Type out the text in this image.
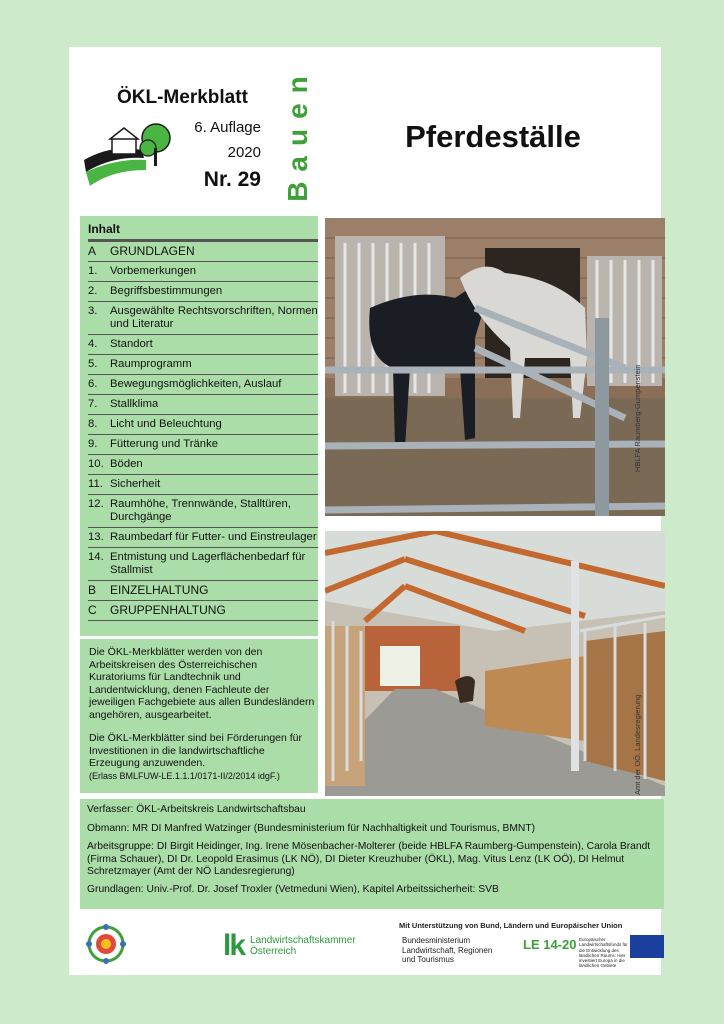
ÖKL-Merkblatt
6. Auflage
2020
Nr. 29 Bauen	Pferdeställe
Inhalt
A	GRUNDLAGEN
1.	Vorbemerkungen
2.	Begriffsbestimmungen
3.	Ausgewählte Rechtsvorschriften, Normen und Literatur
4.	Standort
5.	Raumprogramm
6.	Bewegungsmöglichkeiten, Auslauf
7.	Stallklima
8.	Licht und Beleuchtung
9.	Fütterung und Tränke
10. Böden
11. Sicherheit
12. Raumhöhe, Trennwände, Stalltüren, Durchgänge
13. Raumbedarf für Futter- und Einstreulager
14. Entmistung und Lagerflächenbedarf für Stallmist
B	EINZELHALTUNG
C	GRUPPENHALTUNG

Die ÖKL-Merkblätter werden von den Arbeitskreisen des Österreichischen Kuratoriums für Landtechnik und Landentwicklung, denen Fachleute der jeweiligen Fachgebiete aus allen Bundesländern angehören, ausgearbeitet.

Die ÖKL-Merkblätter sind bei Förderungen für Investitionen in die landwirtschaftliche Erzeugung anzuwenden.

(Erlass BMLFUW-LE.1.1.1/0171-II/2/2014 idgF.)

HBLFA Raumberg-Gumpenstein
Amt der OÖ. Landesregierung
Verfasser: ÖKL-Arbeitskreis Landwirtschaftsbau
Obmann: MR DI Manfred Watzinger (Bundesministerium für Nachhaltigkeit und Tourismus, BMNT)
Arbeitsgruppe: DI Birgit Heidinger, Ing. Irene Mösenbacher-Molterer (beide HBLFA Raumberg-Gumpenstein), Carola Brandt (Firma Schauer), DI Dr. Leopold Erasimus (LK NÖ), DI Dieter Kreuzhuber (ÖKL), Mag. Vitus Lenz (LK OÖ), DI Helmut Schretzmayer (Amt der NÖ Landesregierung)
Grundlagen: Univ.-Prof. Dr. Josef Troxler (Vetmeduni Wien), Kapitel Arbeitssicherheit: SVB
lk Landwirtschaftskammer
Österreich
Mit Unterstützung von Bund, Ländern und Europäischer Union
Bundesministerium Landwirtschaft, Regionen und Tourismus
LE 14-20 Europäischer Landwirtschaftsfonds für die Entwicklung des ländlichen Raums: Hier investiert Europa in die ländlichen Gebiete
